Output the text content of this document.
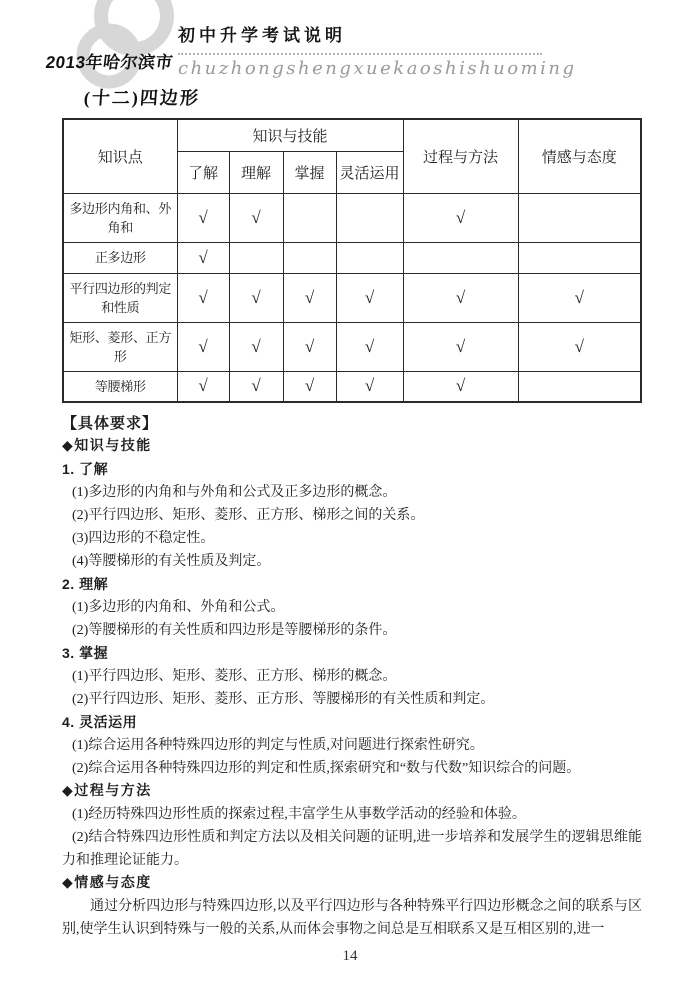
2013年哈尔滨市
初中升学考试说明
chuzhongshengxuekaoshishuoming
(十二)四边形
知识点	知识与技能				过程与方法	情感与态度
	了解	理解	掌握	灵活运用		
多边形内角和、外角和	√	√			√	
正多边形	√					
平行四边形的判定和性质	√	√	√	√	√	√
矩形、菱形、正方形	√	√	√	√	√	√
等腰梯形	√	√	√	√	√	
【具体要求】
◆知识与技能
1. 了解
(1)多边形的内角和与外角和公式及正多边形的概念。
(2)平行四边形、矩形、菱形、正方形、梯形之间的关系。
(3)四边形的不稳定性。
(4)等腰梯形的有关性质及判定。
2. 理解
(1)多边形的内角和、外角和公式。
(2)等腰梯形的有关性质和四边形是等腰梯形的条件。
3. 掌握
(1)平行四边形、矩形、菱形、正方形、梯形的概念。
(2)平行四边形、矩形、菱形、正方形、等腰梯形的有关性质和判定。
4. 灵活运用
(1)综合运用各种特殊四边形的判定与性质,对问题进行探索性研究。
(2)综合运用各种特殊四边形的判定和性质,探索研究和“数与代数”知识综合的问题。
◆过程与方法
(1)经历特殊四边形性质的探索过程,丰富学生从事数学活动的经验和体验。
(2)结合特殊四边形性质和判定方法以及相关问题的证明,进一步培养和发展学生的逻辑思维能力和推理论证能力。
◆情感与态度
通过分析四边形与特殊四边形,以及平行四边形与各种特殊平行四边形概念之间的联系与区别,使学生认识到特殊与一般的关系,从而体会事物之间总是互相联系又是互相区别的,进一
14
